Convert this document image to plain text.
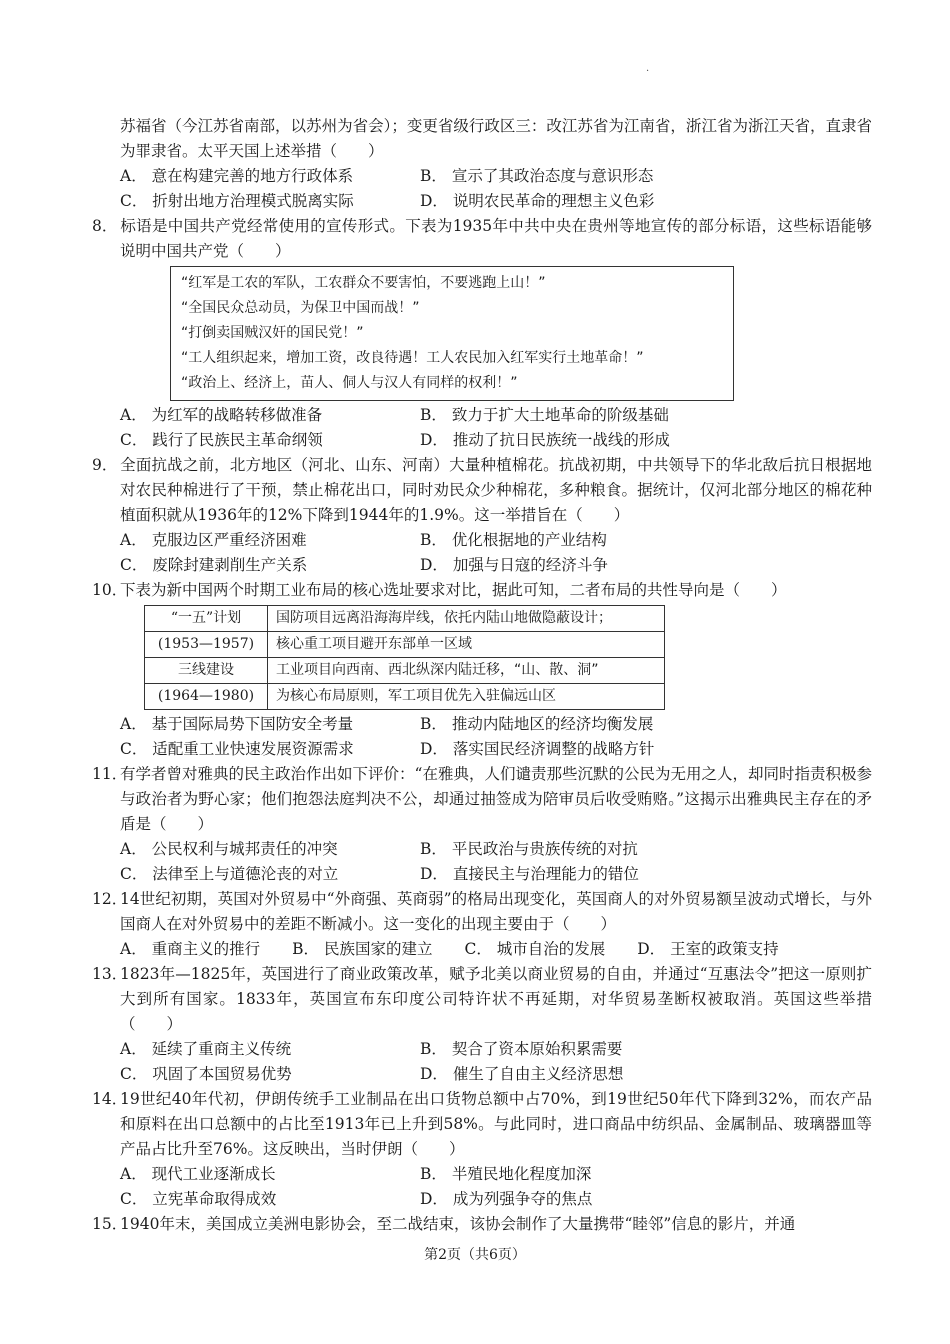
·
苏福省（今江苏省南部，以苏州为省会）；变更省级行政区三：改江苏省为江南省，浙江省为浙江天省，直隶省为罪隶省。太平天国上述举措（　　）
A． 意在构建完善的地方行政体系	B． 宣示了其政治态度与意识形态
C． 折射出地方治理模式脱离实际	D． 说明农民革命的理想主义色彩
8． 标语是中国共产党经常使用的宣传形式。下表为1935年中共中央在贵州等地宣传的部分标语，这些标语能够说明中国共产党（　　）
“红军是工农的军队，工农群众不要害怕，不要逃跑上山！”
“全国民众总动员，为保卫中国而战！”
“打倒卖国贼汉奸的国民党！”
“工人组织起来，增加工资，改良待遇！工人农民加入红军实行土地革命！”
“政治上、经济上，苗人、侗人与汉人有同样的权利！”
A． 为红军的战略转移做准备	B． 致力于扩大土地革命的阶级基础
C． 践行了民族民主革命纲领	D． 推动了抗日民族统一战线的形成
9． 全面抗战之前，北方地区（河北、山东、河南）大量种植棉花。抗战初期，中共领导下的华北敌后抗日根据地对农民种棉进行了干预，禁止棉花出口，同时劝民众少种棉花，多种粮食。据统计，仅河北部分地区的棉花种植面积就从1936年的12%下降到1944年的1.9%。这一举措旨在（　　）
A． 克服边区严重经济困难	B． 优化根据地的产业结构
C． 废除封建剥削生产关系	D． 加强与日寇的经济斗争
10．下表为新中国两个时期工业布局的核心选址要求对比，据此可知，二者布局的共性导向是（　　）
“一五”计划	国防项目远离沿海海岸线，依托内陆山地做隐蔽设计；
(1953—1957)	核心重工项目避开东部单一区域
三线建设	工业项目向西南、西北纵深内陆迁移，“山、散、洞”
(1964—1980)	为核心布局原则，军工项目优先入驻偏远山区
A． 基于国际局势下国防安全考量	B． 推动内陆地区的经济均衡发展
C． 适配重工业快速发展资源需求	D． 落实国民经济调整的战略方针
11．有学者曾对雅典的民主政治作出如下评价：“在雅典，人们谴责那些沉默的公民为无用之人，却同时指责积极参与政治者为野心家；他们抱怨法庭判决不公，却通过抽签成为陪审员后收受贿赂。”这揭示出雅典民主存在的矛盾是（　　）
A． 公民权利与城邦责任的冲突	B． 平民政治与贵族传统的对抗
C． 法律至上与道德沦丧的对立	D． 直接民主与治理能力的错位
12．14世纪初期，英国对外贸易中“外商强、英商弱”的格局出现变化，英国商人的对外贸易额呈波动式增长，与外国商人在对外贸易中的差距不断减小。这一变化的出现主要由于（　　）
A． 重商主义的推行 B． 民族国家的建立 C． 城市自治的发展 D． 王室的政策支持
13．1823年—1825年，英国进行了商业政策改革，赋予北美以商业贸易的自由，并通过“互惠法令”把这一原则扩大到所有国家。1833年，英国宣布东印度公司特许状不再延期，对华贸易垄断权被取消。英国这些举措（　　）
A． 延续了重商主义传统	B． 契合了资本原始积累需要
C． 巩固了本国贸易优势	D． 催生了自由主义经济思想
14．19世纪40年代初，伊朗传统手工业制品在出口货物总额中占70%，到19世纪50年代下降到32%，而农产品和原料在出口总额中的占比至1913年已上升到58%。与此同时，进口商品中纺织品、金属制品、玻璃器皿等产品占比升至76%。这反映出，当时伊朗（　　）
A． 现代工业逐渐成长	B． 半殖民地化程度加深
C． 立宪革命取得成效	D． 成为列强争夺的焦点
15．1940年末，美国成立美洲电影协会，至二战结束，该协会制作了大量携带“睦邻”信息的影片，并通
第2页（共6页）
